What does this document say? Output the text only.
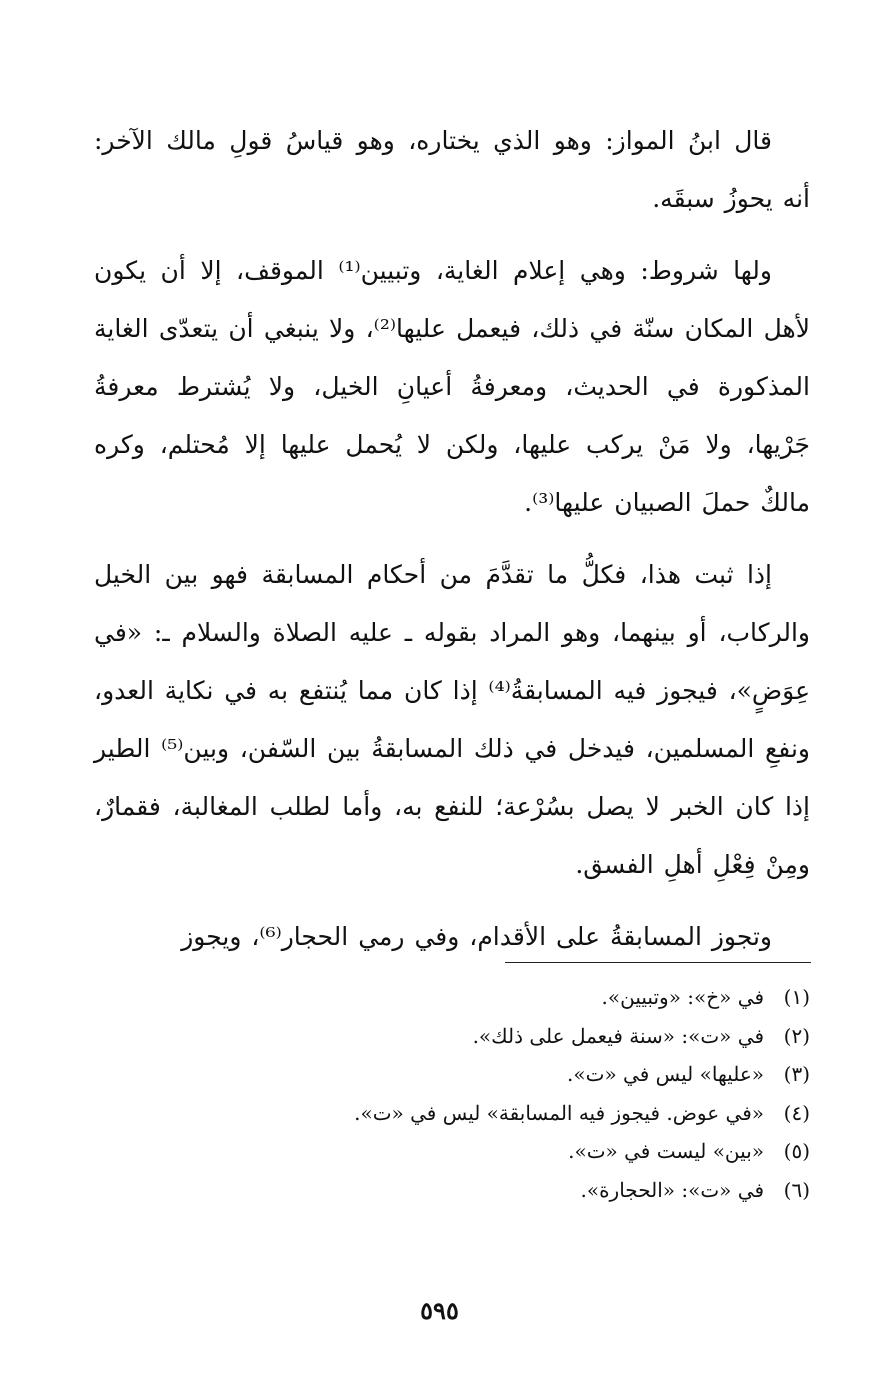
قال ابنُ المواز: وهو الذي يختاره، وهو قياسُ قولِ مالك الآخر: أنه يحوزُ سبقَه.

ولها شروط: وهي إعلام الغاية، وتبيين⁽¹⁾ الموقف، إلا أن يكون لأهل المكان سنّة في ذلك، فيعمل عليها⁽²⁾، ولا ينبغي أن يتعدّى الغاية المذكورة في الحديث، ومعرفةُ أعيانِ الخيل، ولا يُشترط معرفةُ جَرْيها، ولا مَنْ يركب عليها، ولكن لا يُحمل عليها إلا مُحتلم، وكره مالكٌ حملَ الصبيان عليها⁽³⁾.

إذا ثبت هذا، فكلُّ ما تقدَّمَ من أحكام المسابقة فهو بين الخيل والركاب، أو بينهما، وهو المراد بقوله ـ عليه الصلاة والسلام ـ: «في عِوَضٍ»، فيجوز فيه المسابقةُ⁽⁴⁾ إذا كان مما يُنتفع به في نكاية العدو، ونفعِ المسلمين، فيدخل في ذلك المسابقةُ بين السّفن، وبين⁽⁵⁾ الطير إذا كان الخبر لا يصل بسُرْعة؛ للنفع به، وأما لطلب المغالبة، فقمارٌ، ومِنْ فِعْلِ أهلِ الفسق.

وتجوز المسابقةُ على الأقدام، وفي رمي الحجار⁽⁶⁾، ويجوز

(١)
في «خ»: «وتبيين».
(٢)
في «ت»: «سنة فيعمل على ذلك».
(٣)
«عليها» ليس في «ت».
(٤)
«في عوض. فيجوز فيه المسابقة» ليس في «ت».
(٥)
«بين» ليست في «ت».
(٦)
في «ت»: «الحجارة».
٥٩٥
